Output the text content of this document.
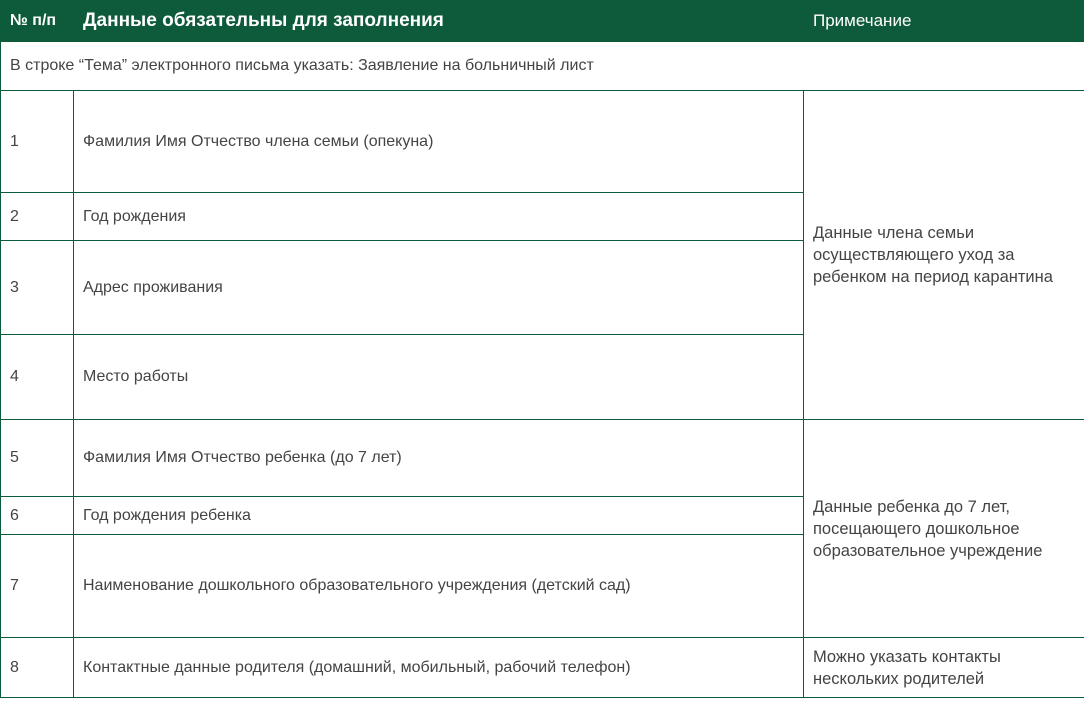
№ п/п	Данные обязательны для заполнения	Примечание
В строке “Тема” электронного письма указать: Заявление на больничный лист		
1	Фамилия Имя Отчество члена семьи (опекуна)	Данные члена семьи осуществляющего уход за ребенком на период карантина
2	Год рождения	
3	Адрес проживания	
4	Место работы	
5	Фамилия Имя Отчество ребенка (до 7 лет)	Данные ребенка до 7 лет, посещающего дошкольное образовательное учреждение
6	Год рождения ребенка	
7	Наименование дошкольного образовательного учреждения (детский сад)	
8	Контактные данные родителя (домашний, мобильный, рабочий телефон)	Можно указать контакты нескольких родителей
